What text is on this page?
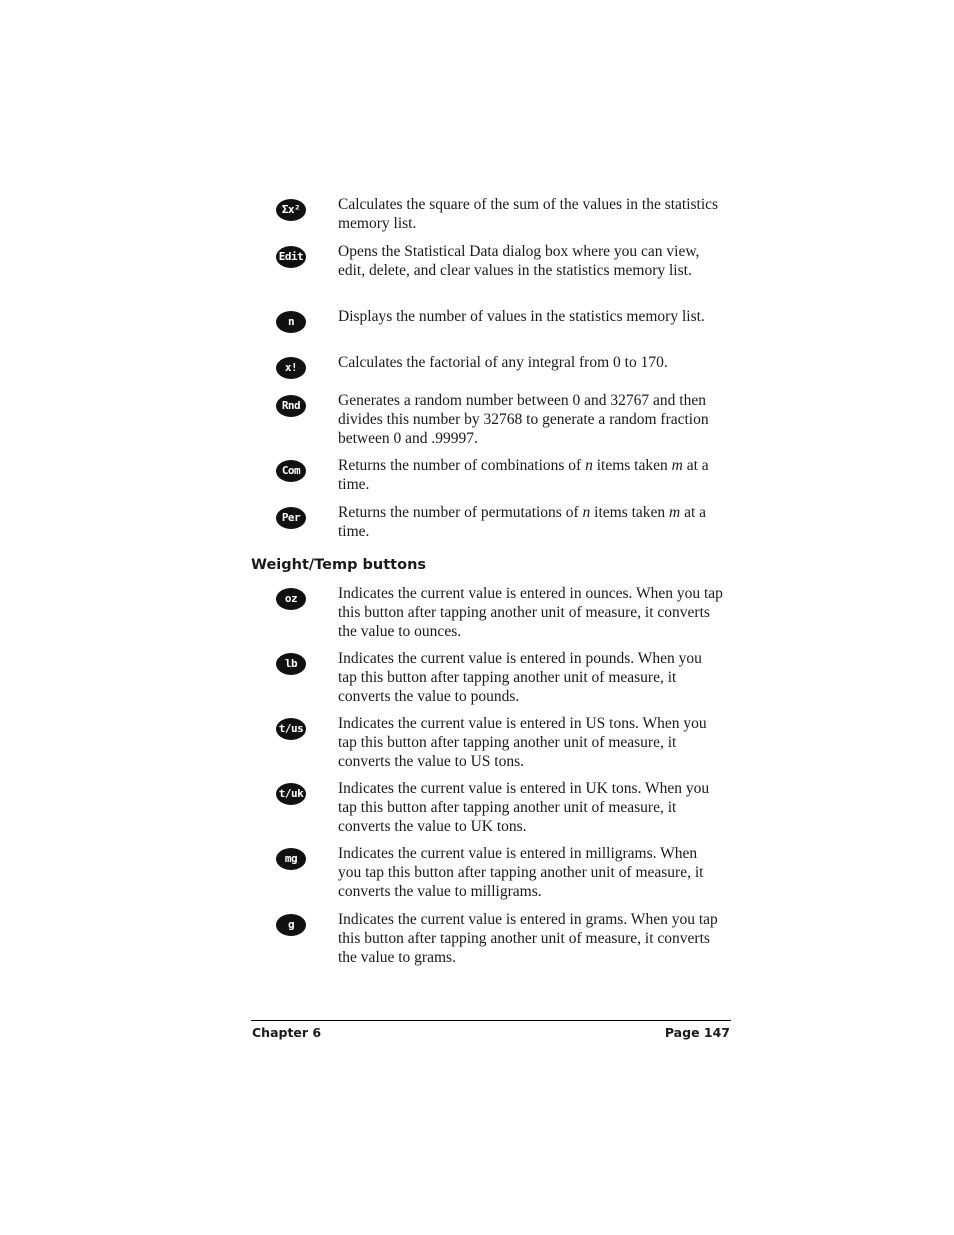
Σx²	Calculates the square of the sum of the values in the statistics memory list.

Edit Opens the Statistical Data dialog box where you can view, edit, delete, and clear values in the statistics memory list.

n	Displays the number of values in the statistics memory list.

x!	Calculates the factorial of any integral from 0 to 170.

Rnd	Generates a random number between 0 and 32767 and then divides this number by 32768 to generate a random fraction between 0 and .99997.

Com	Returns the number of combinations of n items taken m at a time.

Per	Returns the number of permutations of n items taken m at a time.

Weight/Temp buttons
oz	Indicates the current value is entered in ounces. When you tap this button after tapping another unit of measure, it converts the value to ounces.

lb	Indicates the current value is entered in pounds. When you tap this button after tapping another unit of measure, it converts the value to pounds.

t/us Indicates the current value is entered in US tons. When you tap this button after tapping another unit of measure, it converts the value to US tons.

t/uk Indicates the current value is entered in UK tons. When you tap this button after tapping another unit of measure, it converts the value to UK tons.

mg	Indicates the current value is entered in milligrams. When you tap this button after tapping another unit of measure, it converts the value to milligrams.

g	Indicates the current value is entered in grams. When you tap this button after tapping another unit of measure, it converts the value to grams.

Chapter 6	Page 147
